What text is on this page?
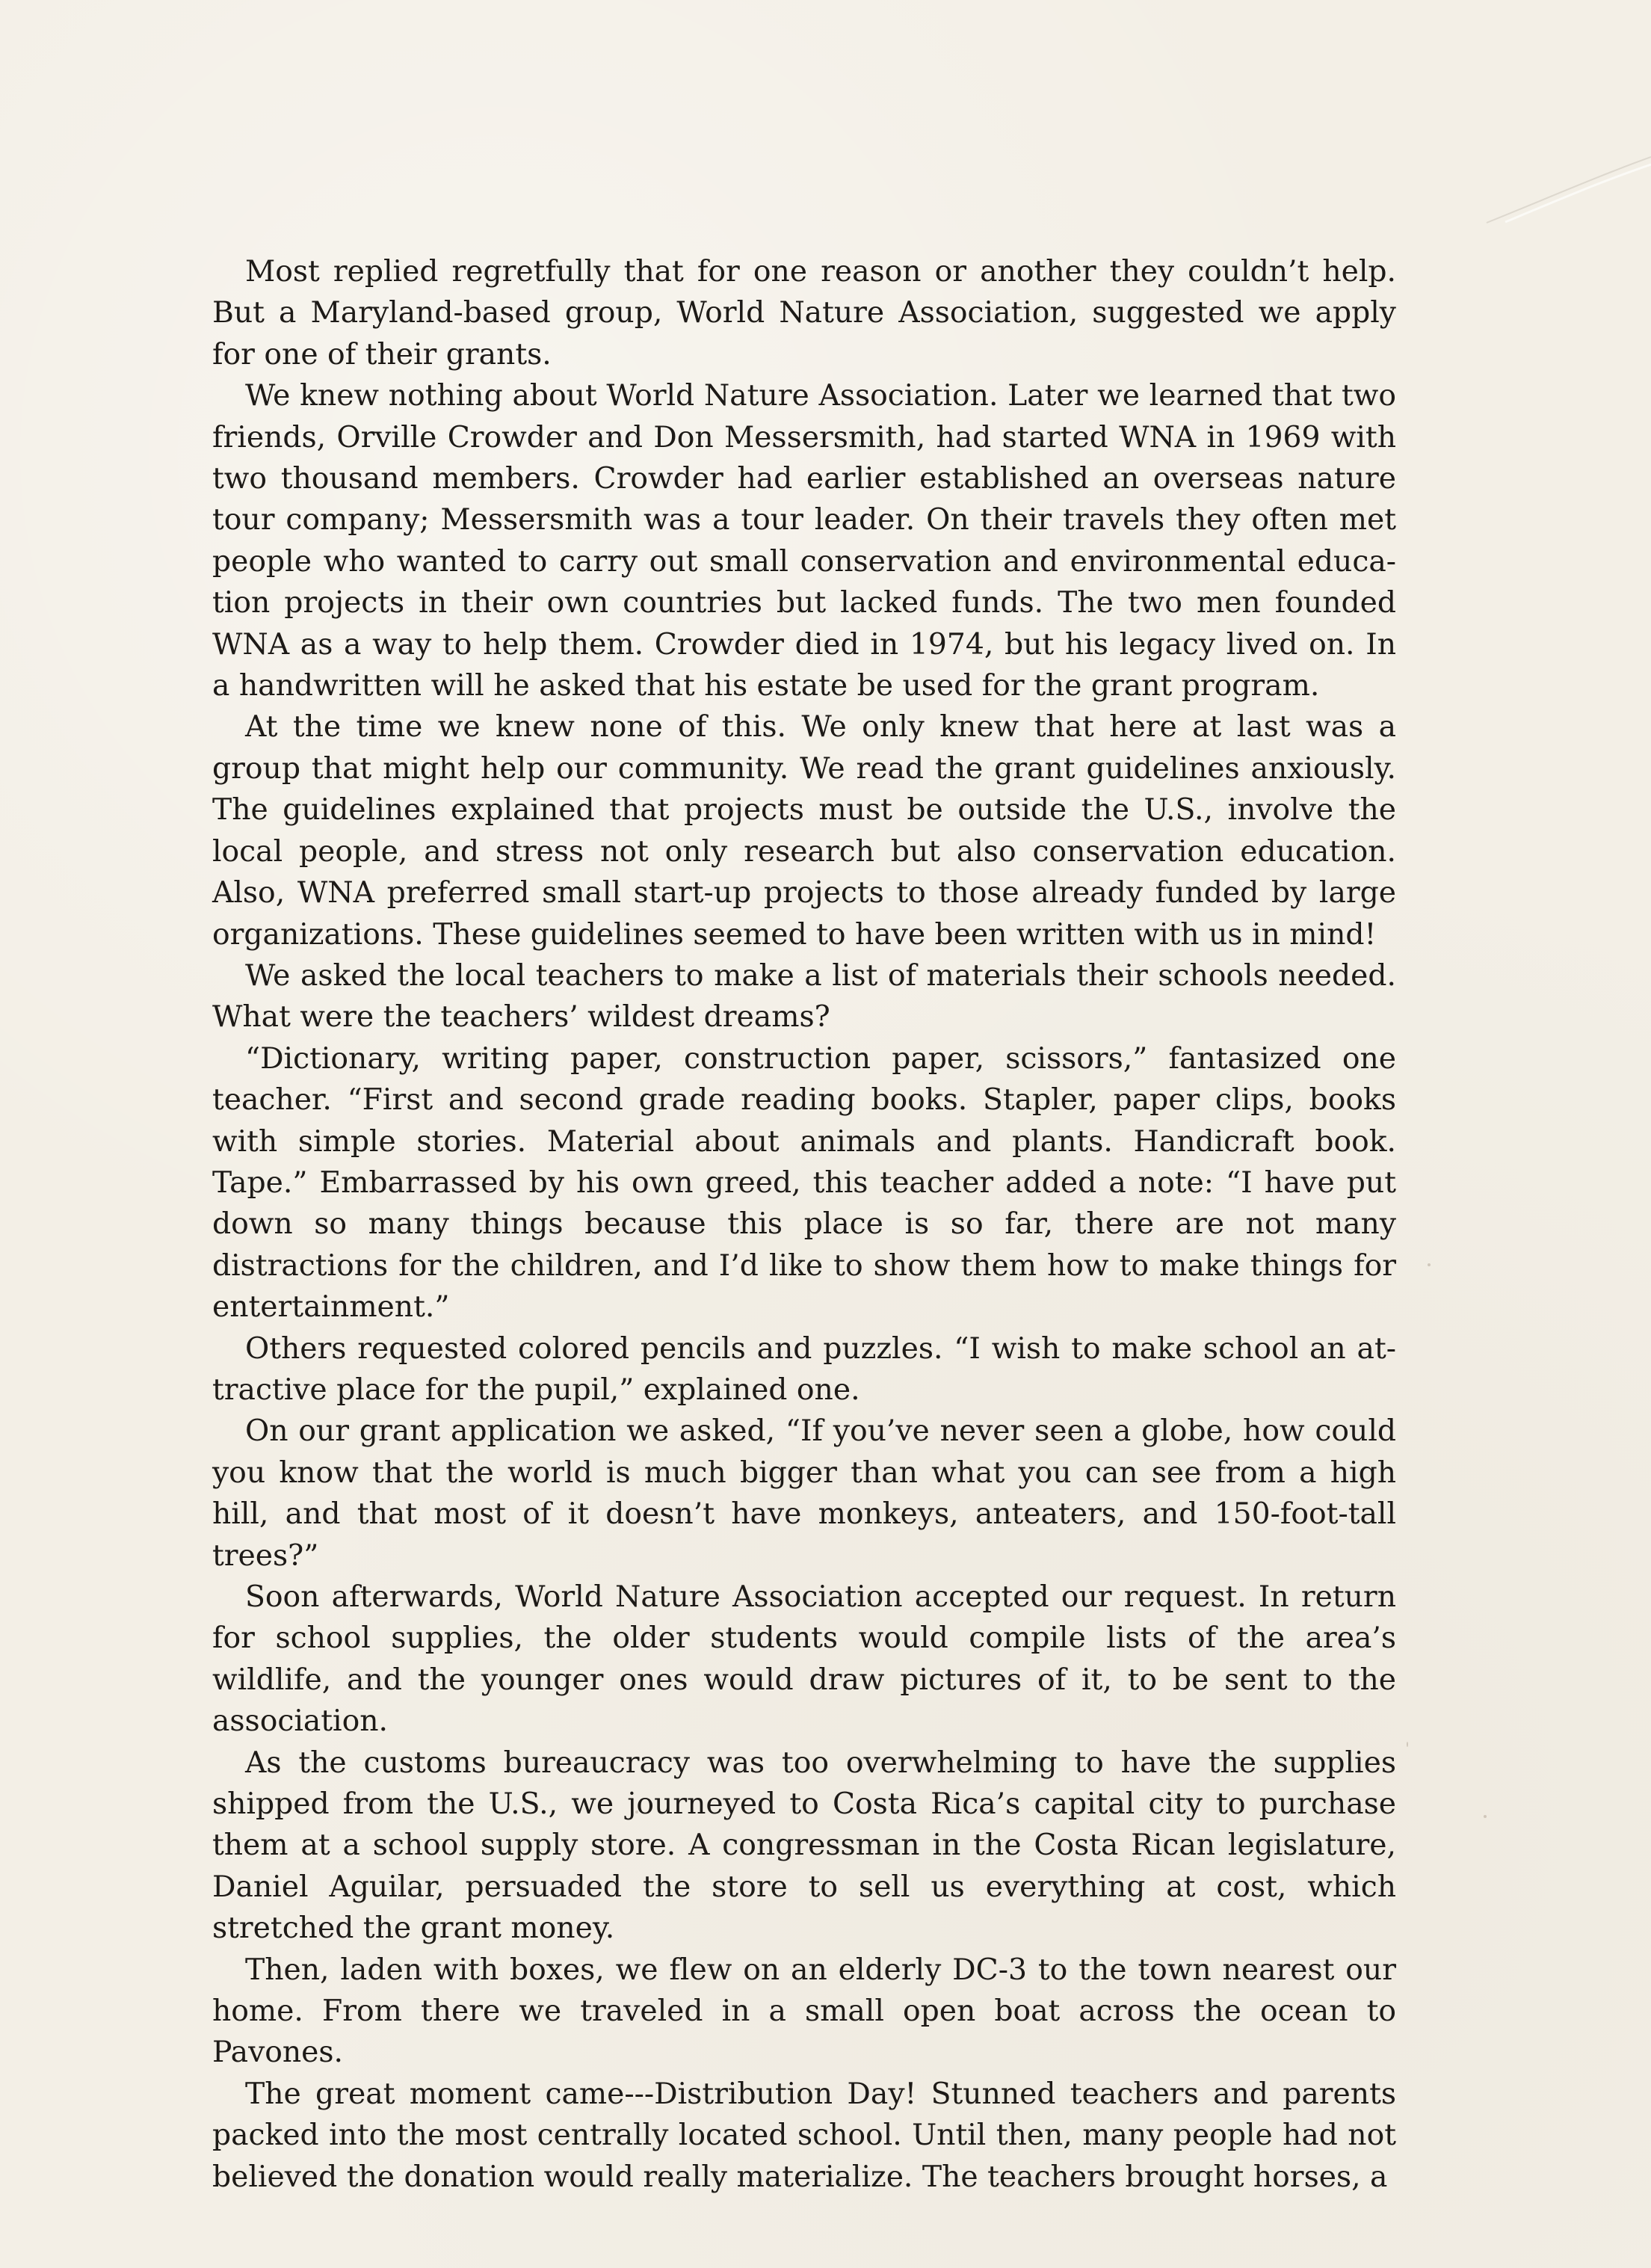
Most replied regretfully that for one reason or another they couldn’t help. But a Maryland-based group, World Nature Association, suggested we apply for one of their grants.

We knew nothing about World Nature Association. Later we learned that two friends, Orville Crowder and Don Messersmith, had started WNA in 1969 with two thousand members. Crowder had earlier established an overseas nature tour company; Messersmith was a tour leader. On their travels they often met people who wanted to carry out small conservation and environmental educa-tion projects in their own countries but lacked funds. The two men founded WNA as a way to help them. Crowder died in 1974, but his legacy lived on. In a handwritten will he asked that his estate be used for the grant program.

At the time we knew none of this. We only knew that here at last was a group that might help our community. We read the grant guidelines anxiously. The guidelines explained that projects must be outside the U.S., involve the local people, and stress not only research but also conservation education. Also, WNA preferred small start-up projects to those already funded by large organizations. These guidelines seemed to have been written with us in mind!

We asked the local teachers to make a list of materials their schools needed. What were the teachers’ wildest dreams?

“Dictionary, writing paper, construction paper, scissors,” fantasized one teacher. “First and second grade reading books. Stapler, paper clips, books with simple stories. Material about animals and plants. Handicraft book. Tape.” Embarrassed by his own greed, this teacher added a note: “I have put down so many things because this place is so far, there are not many distractions for the children, and I’d like to show them how to make things for entertainment.”

Others requested colored pencils and puzzles. “I wish to make school an at-tractive place for the pupil,” explained one.

On our grant application we asked, “If you’ve never seen a globe, how could you know that the world is much bigger than what you can see from a high hill, and that most of it doesn’t have monkeys, anteaters, and 150-foot-tall trees?”

Soon afterwards, World Nature Association accepted our request. In return for school supplies, the older students would compile lists of the area’s wildlife, and the younger ones would draw pictures of it, to be sent to the association.

As the customs bureaucracy was too overwhelming to have the supplies shipped from the U.S., we journeyed to Costa Rica’s capital city to purchase them at a school supply store. A congressman in the Costa Rican legislature, Daniel Aguilar, persuaded the store to sell us everything at cost, which stretched the grant money.

Then, laden with boxes, we flew on an elderly DC-3 to the town nearest our home. From there we traveled in a small open boat across the ocean to Pavones.

The great moment came---Distribution Day! Stunned teachers and parents packed into the most centrally located school. Until then, many people had not believed the donation would really materialize. The teachers brought horses, a
